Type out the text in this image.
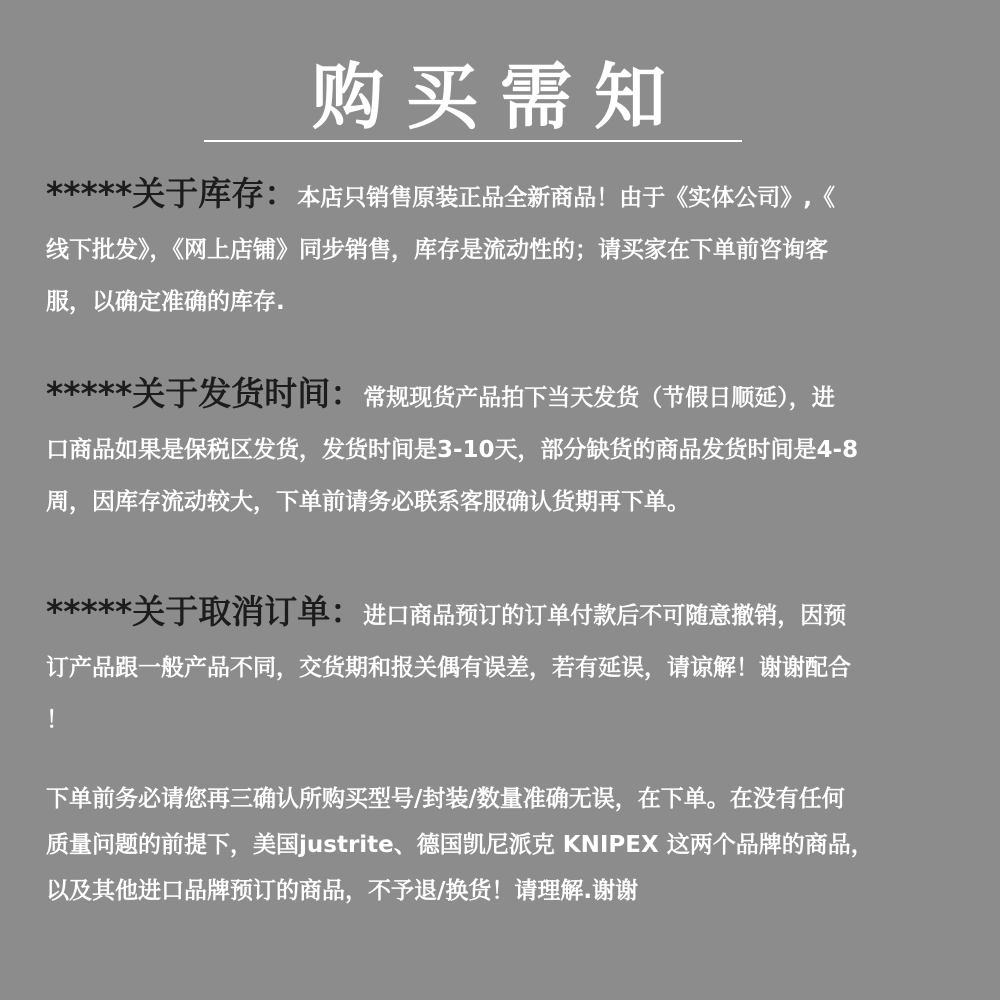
购买需知
*****关于库存：本店只销售原装正品全新商品！由于《实体公司》,《
线下批发》，《网上店铺》同步销售，库存是流动性的；请买家在下单前咨询客
服，以确定准确的库存.
*****关于发货时间：常规现货产品拍下当天发货（节假日顺延），进
口商品如果是保税区发货，发货时间是3-10天，部分缺货的商品发货时间是4-8
周，因库存流动较大，下单前请务必联系客服确认货期再下单。
*****关于取消订单：进口商品预订的订单付款后不可随意撤销，因预
订产品跟一般产品不同，交货期和报关偶有误差，若有延误，请谅解！谢谢配合
！
下单前务必请您再三确认所购买型号/封装/数量准确无误，在下单。在没有任何
质量问题的前提下，美国justrite、德国凯尼派克 KNIPEX 这两个品牌的商品，
以及其他进口品牌预订的商品，不予退/换货！请理解.谢谢
